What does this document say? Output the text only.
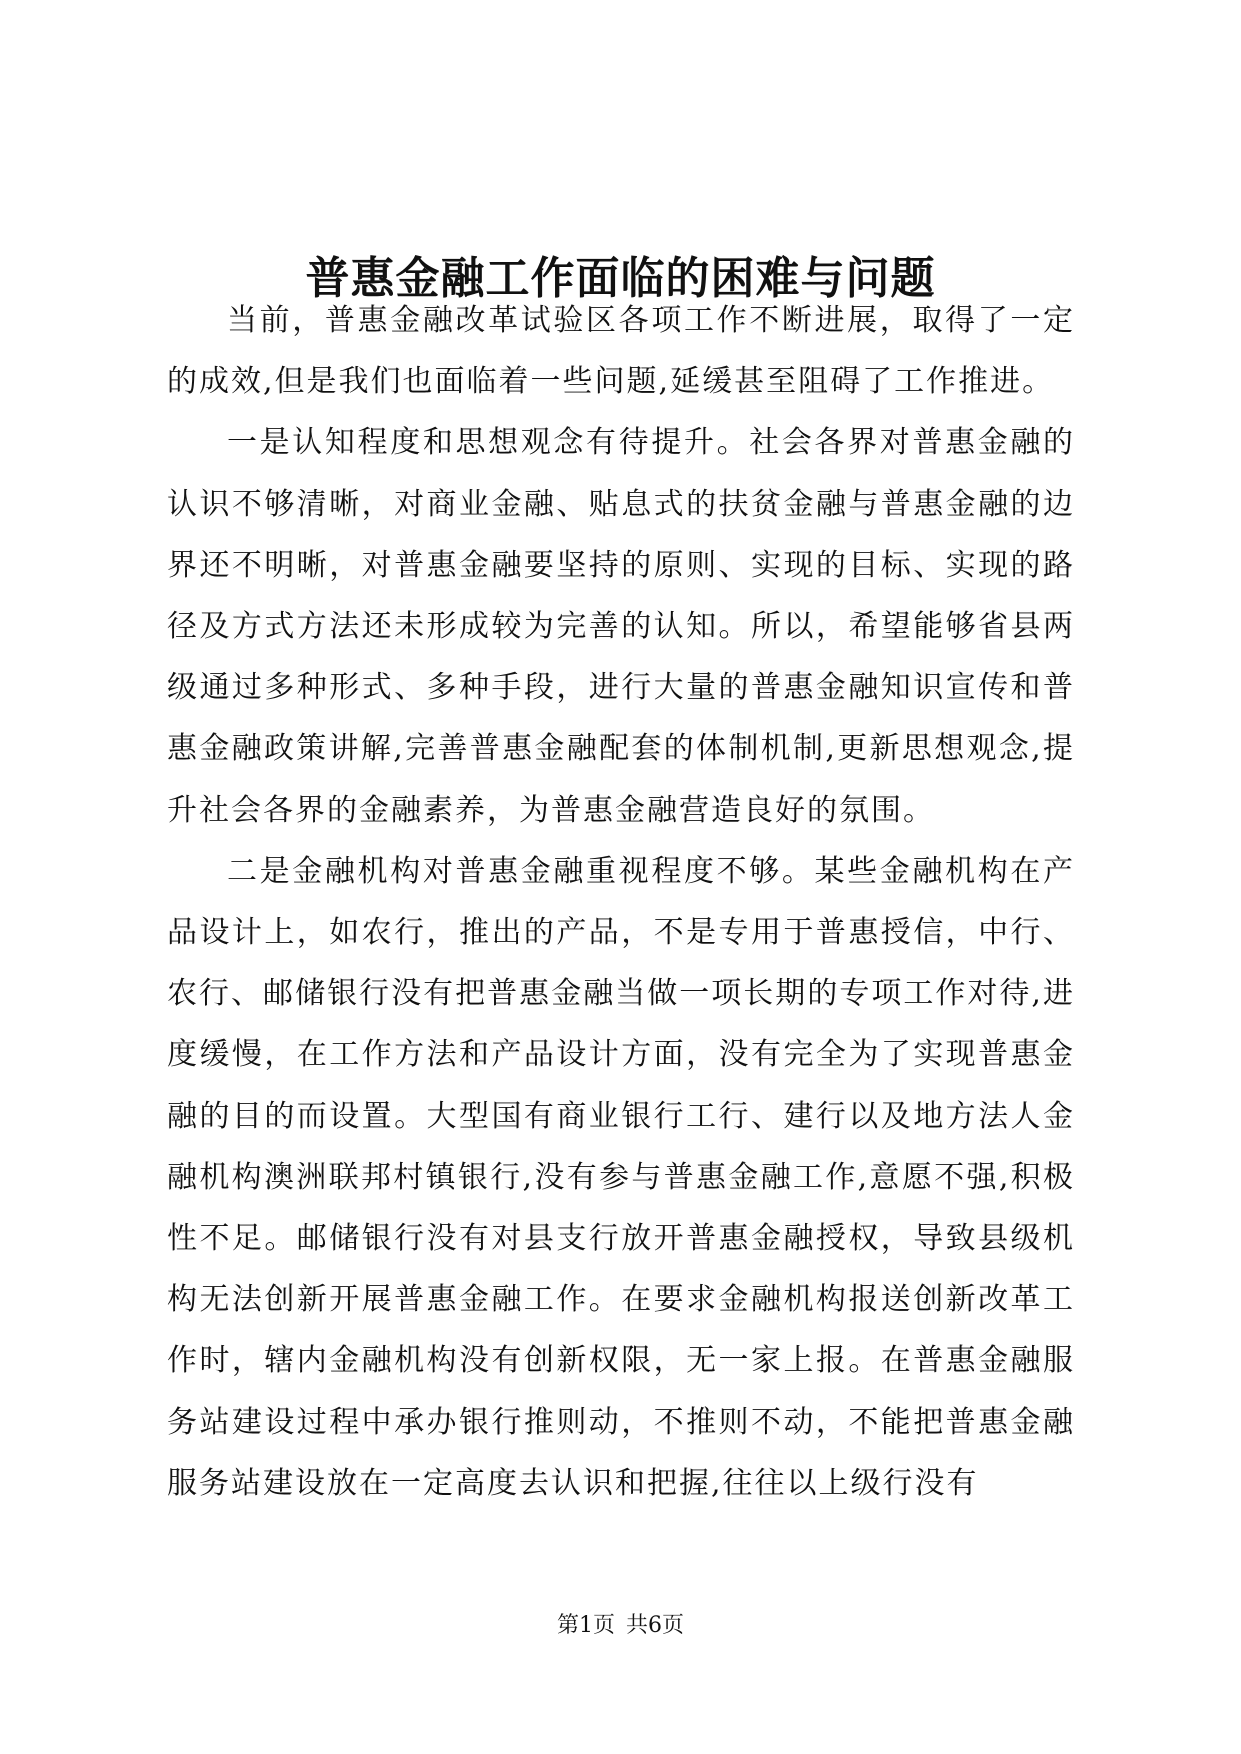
普惠金融工作面临的困难与问题

当前，普惠金融改革试验区各项工作不断进展，取得了一定的成效,但是我们也面临着一些问题,延缓甚至阻碍了工作推进。

一是认知程度和思想观念有待提升。社会各界对普惠金融的认识不够清晰，对商业金融、贴息式的扶贫金融与普惠金融的边界还不明晰，对普惠金融要坚持的原则、实现的目标、实现的路径及方式方法还未形成较为完善的认知。所以，希望能够省县两级通过多种形式、多种手段，进行大量的普惠金融知识宣传和普惠金融政策讲解,完善普惠金融配套的体制机制,更新思想观念,提升社会各界的金融素养，为普惠金融营造良好的氛围。

二是金融机构对普惠金融重视程度不够。某些金融机构在产品设计上，如农行，推出的产品，不是专用于普惠授信，中行、农行、邮储银行没有把普惠金融当做一项长期的专项工作对待,进度缓慢，在工作方法和产品设计方面，没有完全为了实现普惠金融的目的而设置。大型国有商业银行工行、建行以及地方法人金融机构澳洲联邦村镇银行,没有参与普惠金融工作,意愿不强,积极性不足。邮储银行没有对县支行放开普惠金融授权，导致县级机构无法创新开展普惠金融工作。在要求金融机构报送创新改革工作时，辖内金融机构没有创新权限，无一家上报。在普惠金融服务站建设过程中承办银行推则动，不推则不动，不能把普惠金融服务站建设放在一定高度去认识和把握,往往以上级行没有

第1页 共6页
